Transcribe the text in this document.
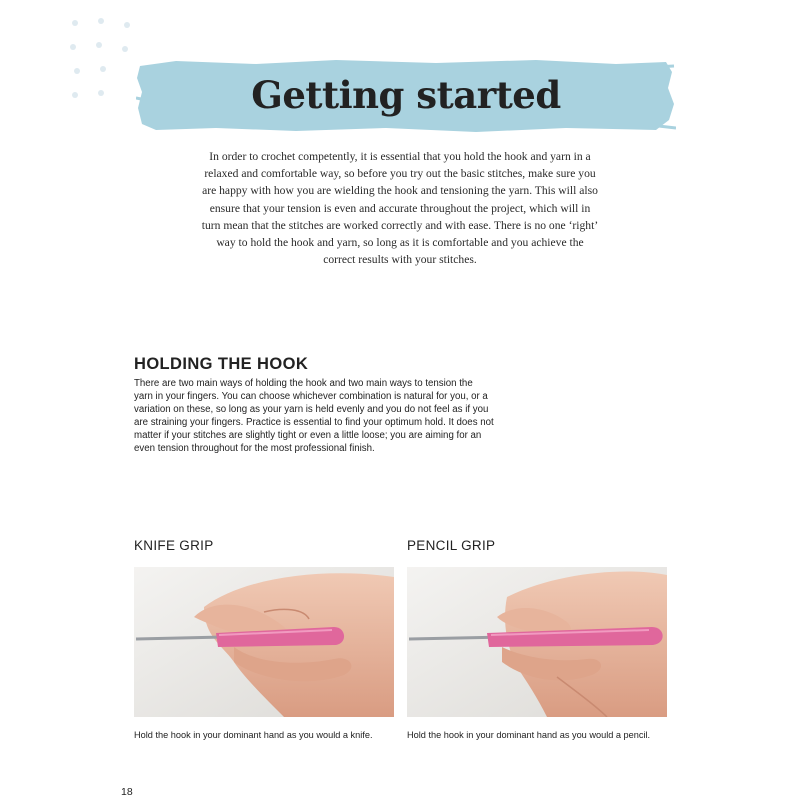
Getting started

In order to crochet competently, it is essential that you hold the hook and yarn in a relaxed and comfortable way, so before you try out the basic stitches, make sure you are happy with how you are wielding the hook and tensioning the yarn. This will also ensure that your tension is even and accurate throughout the project, which will in turn mean that the stitches are worked correctly and with ease. There is no one ‘right’ way to hold the hook and yarn, so long as it is comfortable and you achieve the correct results with your stitches.

HOLDING THE HOOK

There are two main ways of holding the hook and two main ways to tension the yarn in your fingers. You can choose whichever combination is natural for you, or a variation on these, so long as your yarn is held evenly and you do not feel as if you are straining your fingers. Practice is essential to find your optimum hold. It does not matter if your stitches are slightly tight or even a little loose; you are aiming for an even tension throughout for the most professional finish.

KNIFE GRIP
Hold the hook in your dominant hand as you would a knife.
PENCIL GRIP
Hold the hook in your dominant hand as you would a pencil.
18
